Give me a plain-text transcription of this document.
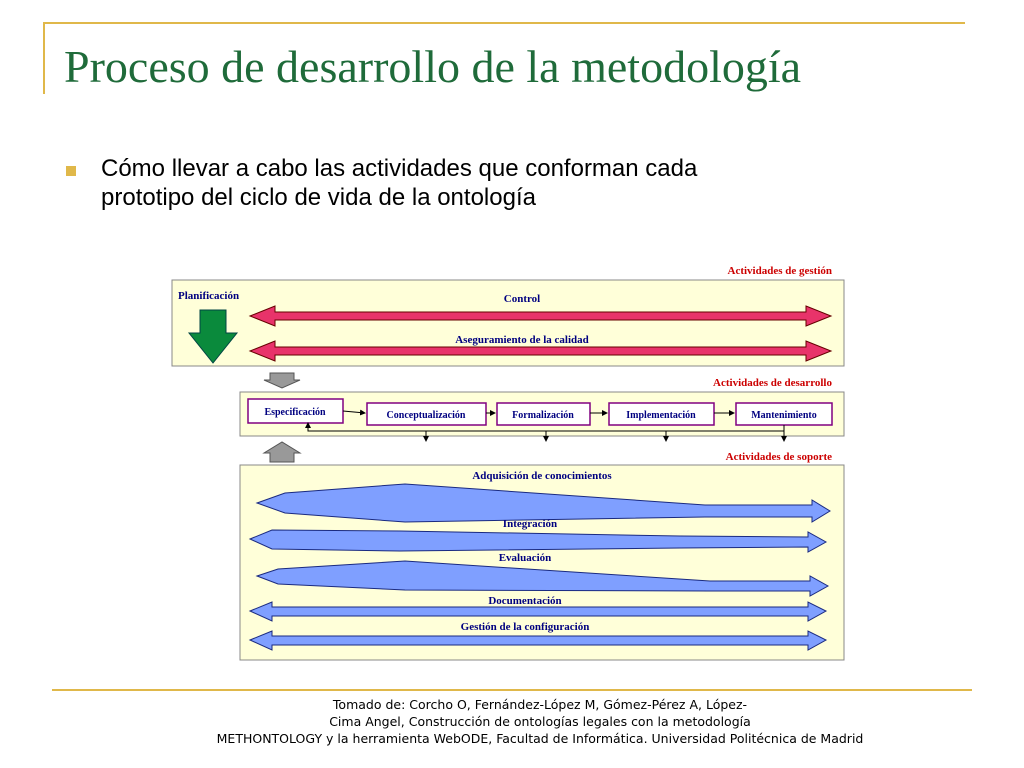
Proceso de desarrollo de la metodología
Cómo llevar a cabo las actividades que conforman cada
prototipo del ciclo de vida de la ontología
Actividades de gestión
Planificación	Control
Aseguramiento de la calidad
Actividades de desarrollo
Especificación	Conceptualización	Formalización	Implementación	Mantenimiento
Actividades de soporte
Adquisición de conocimientos
Integración
Evaluación
Documentación
Gestión de la configuración
Tomado de: Corcho O, Fernández-López M, Gómez-Pérez A, López-
Cima Angel, Construcción de ontologías legales con la metodología
METHONTOLOGY y la herramienta WebODE, Facultad de Informática. Universidad Politécnica de Madrid
